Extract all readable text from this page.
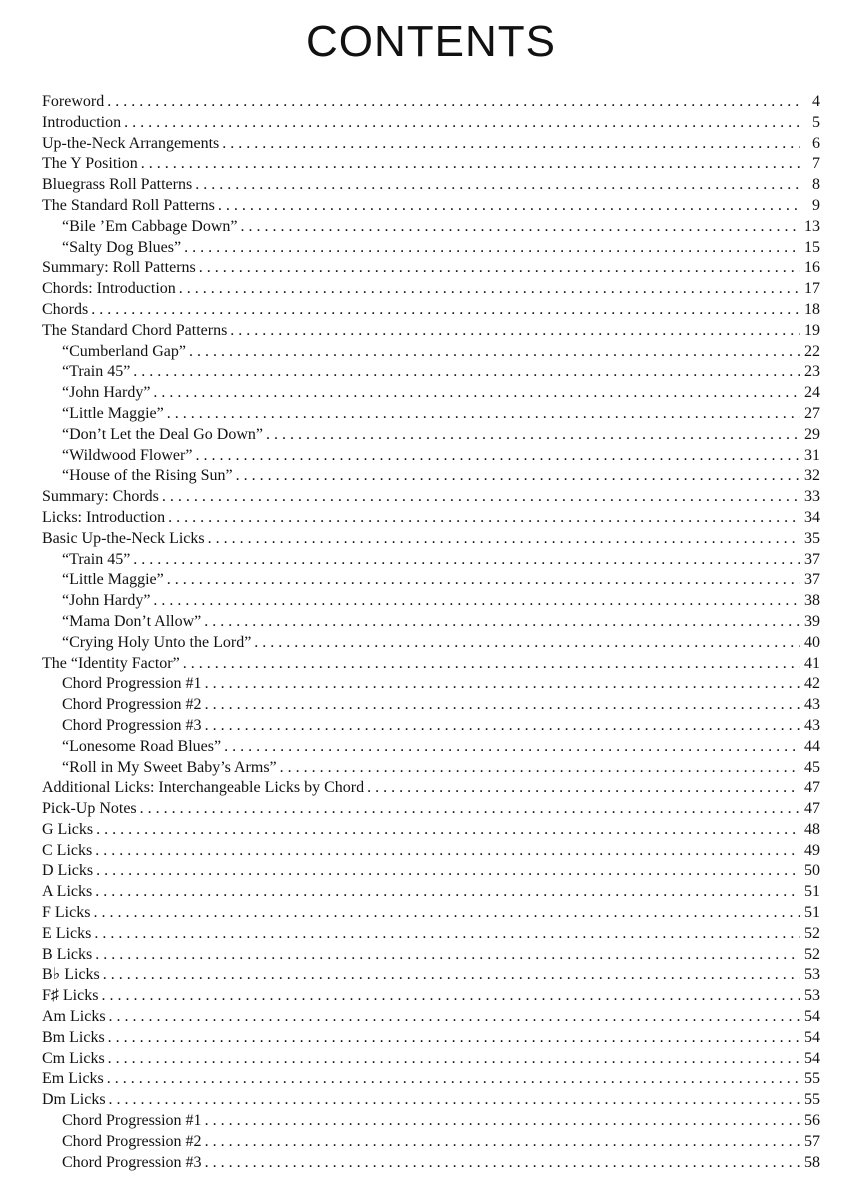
CONTENTS
Foreword . . .	4
Introduction . . .	5
Up-the-Neck Arrangements . . .	6
The Y Position . . .	7
Bluegrass Roll Patterns . . .	8
The Standard Roll Patterns . . .	9
“Bile ’Em Cabbage Down” . . .	13
“Salty Dog Blues” . . .	15
Summary: Roll Patterns . . .	16
Chords: Introduction . . .	17
Chords . . .	18
The Standard Chord Patterns . . .	19
“Cumberland Gap” . . .	22
“Train 45” . . .	23
“John Hardy” . . .	24
“Little Maggie” . . .	27
“Don’t Let the Deal Go Down” . . .	29
“Wildwood Flower” . . .	31
“House of the Rising Sun” . . .	32
Summary: Chords . . .	33
Licks: Introduction . . .	34
Basic Up-the-Neck Licks . . .	35
“Train 45” . . .	37
“Little Maggie” . . .	37
“John Hardy” . . .	38
“Mama Don’t Allow” . . .	39
“Crying Holy Unto the Lord” . . .	40
The “Identity Factor” . . .	41
Chord Progression #1 . . .	42
Chord Progression #2 . . .	43
Chord Progression #3 . . .	43
“Lonesome Road Blues” . . .	44
“Roll in My Sweet Baby’s Arms” . . .	45
Additional Licks: Interchangeable Licks by Chord . . .	47
Pick-Up Notes . . .	47
G Licks . . .	48
C Licks . . .	49
D Licks . . .	50
A Licks . . .	51
F Licks . . .	51
E Licks . . .	52
B Licks . . .	52
B♭ Licks . . .	53
F♯ Licks . . .	53
Am Licks . . .	54
Bm Licks . . .	54
Cm Licks . . .	54
Em Licks . . .	55
Dm Licks . . .	55
Chord Progression #1 . . .	56
Chord Progression #2 . . .	57
Chord Progression #3 . . .	58
